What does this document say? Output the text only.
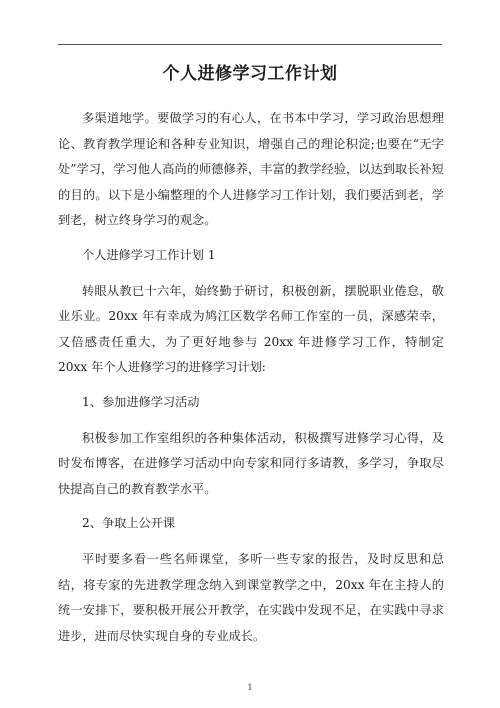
个人进修学习工作计划

多渠道地学。要做学习的有心人，在书本中学习，学习政治思想理论、教育教学理论和各种专业知识，增强自己的理论积淀;也要在“无字处”学习，学习他人高尚的师德修养，丰富的教学经验，以达到取长补短的目的。以下是小编整理的个人进修学习工作计划，我们要活到老，学到老，树立终身学习的观念。

个人进修学习工作计划 1

转眼从教已十六年，始终勤于研讨，积极创新，摆脱职业倦怠，敬业乐业。20xx 年有幸成为鸠江区数学名师工作室的一员，深感荣幸，又倍感责任重大，为了更好地参与 20xx 年进修学习工作，特制定 20xx 年个人进修学习的进修学习计划:

1、参加进修学习活动

积极参加工作室组织的各种集体活动，积极撰写进修学习心得，及时发布博客，在进修学习活动中向专家和同行多请教，多学习，争取尽快提高自己的教育教学水平。

2、争取上公开课

平时要多看一些名师课堂，多听一些专家的报告，及时反思和总结，将专家的先进教学理念纳入到课堂教学之中，20xx 年在主持人的统一安排下，要积极开展公开教学，在实践中发现不足，在实践中寻求进步，进而尽快实现自身的专业成长。

1
